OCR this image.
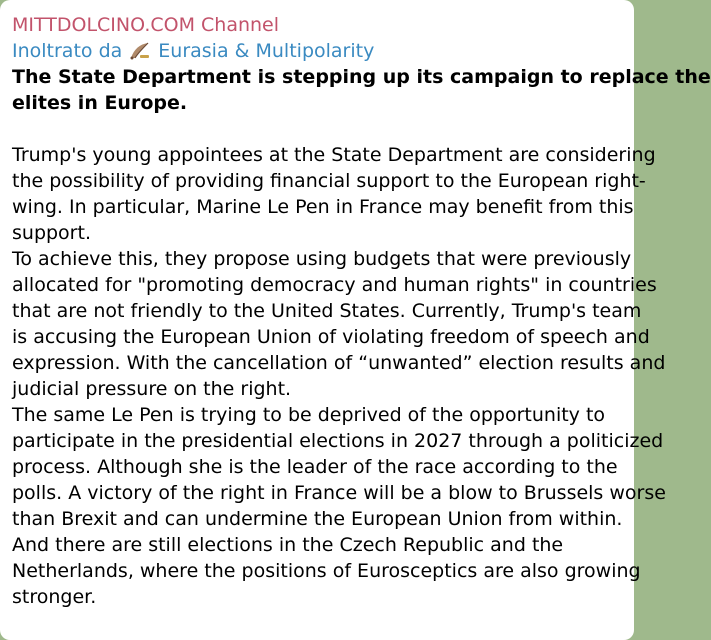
MITTDOLCINO.COM Channel
Inoltrato da Eurasia & Multipolarity
The State Department is stepping up its campaign to replace the
elites in Europe.
Trump's young appointees at the State Department are considering
the possibility of providing financial support to the European right-
wing. In particular, Marine Le Pen in France may benefit from this
support.
To achieve this, they propose using budgets that were previously
allocated for "promoting democracy and human rights" in countries
that are not friendly to the United States. Currently, Trump's team
is accusing the European Union of violating freedom of speech and
expression. With the cancellation of “unwanted” election results and
judicial pressure on the right.
The same Le Pen is trying to be deprived of the opportunity to
participate in the presidential elections in 2027 through a politicized
process. Although she is the leader of the race according to the
polls. A victory of the right in France will be a blow to Brussels worse
than Brexit and can undermine the European Union from within.
And there are still elections in the Czech Republic and the
Netherlands, where the positions of Eurosceptics are also growing
stronger.
